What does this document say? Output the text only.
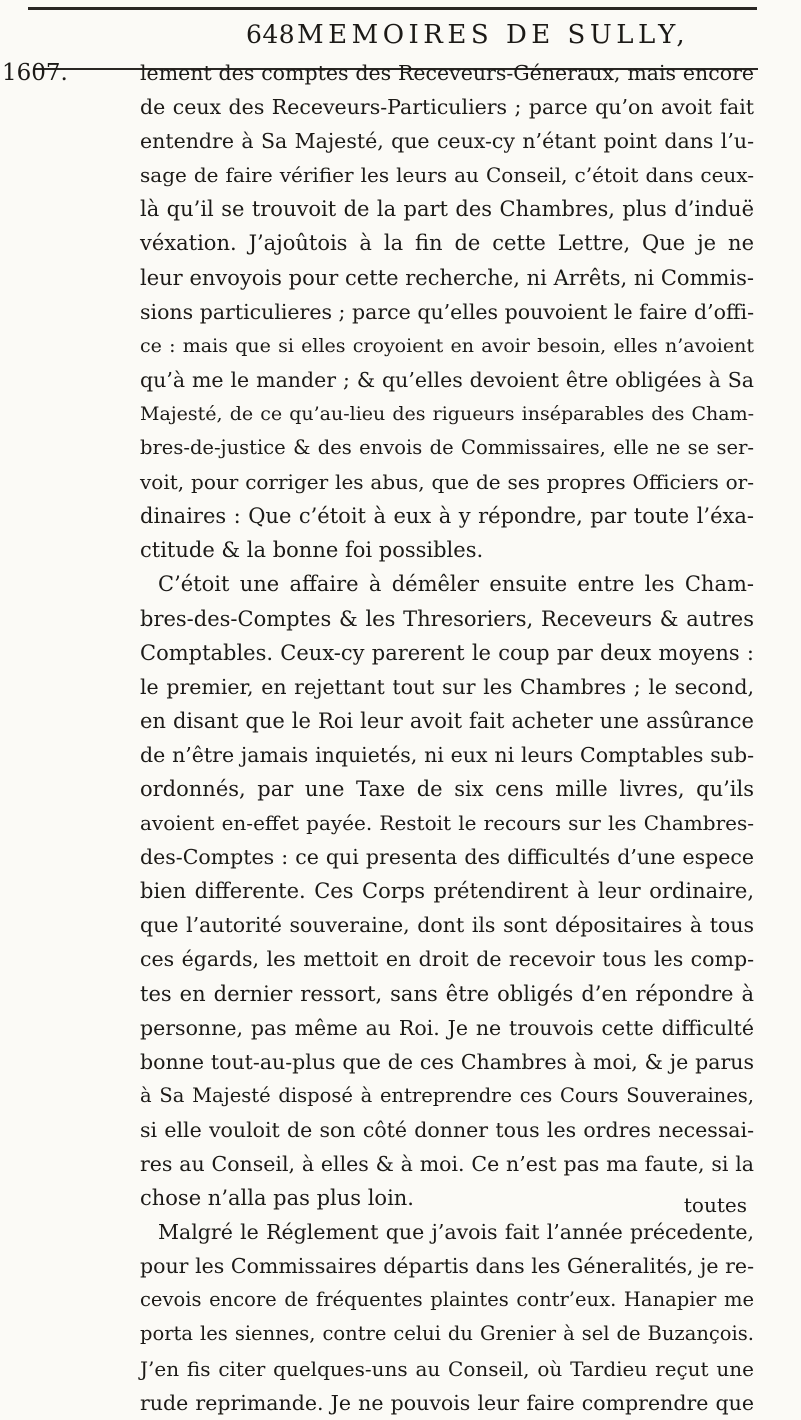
648 MEMOIRES DE SULLY,
1607.	lement des comptes des Receveurs-Géneraux, mais encore
de ceux des Receveurs-Particuliers ; parce qu’on avoit fait
entendre à Sa Majesté, que ceux-cy n’étant point dans l’u-
sage de faire vérifier les leurs au Conseil, c’étoit dans ceux-
là qu’il se trouvoit de la part des Chambres, plus d’induë
véxation. J’ajoûtois à la fin de cette Lettre, Que je ne
leur envoyois pour cette recherche, ni Arrêts, ni Commis-
sions particulieres ; parce qu’elles pouvoient le faire d’offi-
ce : mais que si elles croyoient en avoir besoin, elles n’avoient
qu’à me le mander ; & qu’elles devoient être obligées à Sa
Majesté, de ce qu’au-lieu des rigueurs inséparables des Cham-
bres-de-justice & des envois de Commissaires, elle ne se ser-
voit, pour corriger les abus, que de ses propres Officiers or-
dinaires : Que c’étoit à eux à y répondre, par toute l’éxa-
ctitude & la bonne foi possibles.
C’étoit une affaire à démêler ensuite entre les Cham-
bres-des-Comptes & les Thresoriers, Receveurs & autres
Comptables. Ceux-cy parerent le coup par deux moyens :
le premier, en rejettant tout sur les Chambres ; le second,
en disant que le Roi leur avoit fait acheter une assûrance
de n’être jamais inquietés, ni eux ni leurs Comptables sub-
ordonnés, par une Taxe de six cens mille livres, qu’ils
avoient en-effet payée. Restoit le recours sur les Chambres-
des-Comptes : ce qui presenta des difficultés d’une espece
bien differente. Ces Corps prétendirent à leur ordinaire,
que l’autorité souveraine, dont ils sont dépositaires à tous
ces égards, les mettoit en droit de recevoir tous les comp-
tes en dernier ressort, sans être obligés d’en répondre à
personne, pas même au Roi. Je ne trouvois cette difficulté
bonne tout-au-plus que de ces Chambres à moi, & je parus
à Sa Majesté disposé à entreprendre ces Cours Souveraines,
si elle vouloit de son côté donner tous les ordres necessai-
res au Conseil, à elles & à moi. Ce n’est pas ma faute, si la
chose n’alla pas plus loin.
Malgré le Réglement que j’avois fait l’année précedente,
pour les Commissaires départis dans les Géneralités, je re-
cevois encore de fréquentes plaintes contr’eux. Hanapier me
porta les siennes, contre celui du Grenier à sel de Buzançois.
J’en fis citer quelques-uns au Conseil, où Tardieu reçut une
rude reprimande. Je ne pouvois leur faire comprendre que
toutes
